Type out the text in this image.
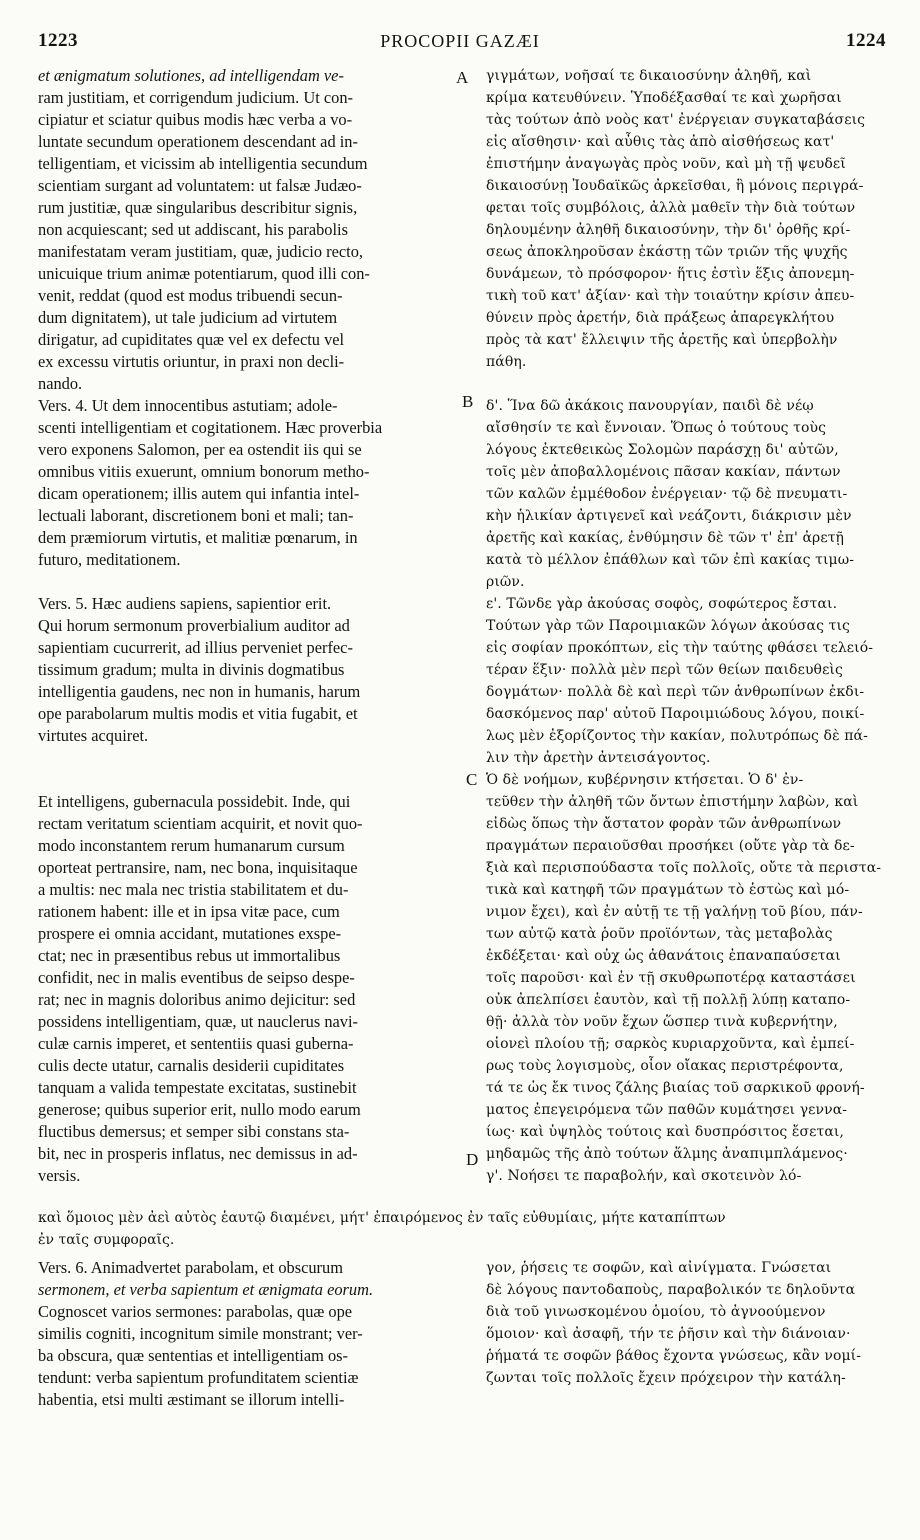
1223	PROCOPII GAZÆI	1224
A
B
C
D
et ænigmatum solutiones, ad intelligendam ve-
ram justitiam, et corrigendum judicium. Ut con-
cipiatur et sciatur quibus modis hæc verba a vo-
luntate secundum operationem descendant ad in-
telligentiam, et vicissim ab intelligentia secundum
scientiam surgant ad voluntatem: ut falsæ Judæo-
rum justitiæ, quæ singularibus describitur signis,
non acquiescant; sed ut addiscant, his parabolis
manifestatam veram justitiam, quæ, judicio recto,
unicuique trium animæ potentiarum, quod illi con-
venit, reddat (quod est modus tribuendi secun-
dum dignitatem), ut tale judicium ad virtutem
dirigatur, ad cupiditates quæ vel ex defectu vel
ex excessu virtutis oriuntur, in praxi non decli-
nando.
Vers. 4. Ut dem innocentibus astutiam; adole-
scenti intelligentiam et cogitationem. Hæc proverbia
vero exponens Salomon, per ea ostendit iis qui se
omnibus vitiis exuerunt, omnium bonorum metho-
dicam operationem; illis autem qui infantia intel-
lectuali laborant, discretionem boni et mali; tan-
dem præmiorum virtutis, et malitiæ pœnarum, in
futuro, meditationem.
Vers. 5. Hæc audiens sapiens, sapientior erit.
Qui horum sermonum proverbialium auditor ad
sapientiam cucurrerit, ad illius perveniet perfec-
tissimum gradum; multa in divinis dogmatibus
intelligentia gaudens, nec non in humanis, harum
ope parabolarum multis modis et vitia fugabit, et
virtutes acquiret.
Et intelligens, gubernacula possidebit. Inde, qui
rectam veritatum scientiam acquirit, et novit quo-
modo inconstantem rerum humanarum cursum
oporteat pertransire, nam, nec bona, inquisitaque
a multis: nec mala nec tristia stabilitatem et du-
rationem habent: ille et in ipsa vitæ pace, cum
prospere ei omnia accidant, mutationes exspe-
ctat; nec in præsentibus rebus ut immortalibus
confidit, nec in malis eventibus de seipso despe-
rat; nec in magnis doloribus animo dejicitur: sed
possidens intelligentiam, quæ, ut nauclerus navi-
culæ carnis imperet, et sententiis quasi guberna-
culis decte utatur, carnalis desiderii cupiditates
tanquam a valida tempestate excitatas, sustinebit
generose; quibus superior erit, nullo modo earum
fluctibus demersus; et semper sibi constans sta-
bit, nec in prosperis inflatus, nec demissus in ad-
versis.
καὶ ὅμοιος μὲν ἀεὶ αὐτὸς ἑαυτῷ διαμένει, μήτ' ἐπαιρόμενος ἐν ταῖς εὐθυμίαις, μήτε καταπίπτων
ἐν ταῖς συμφοραῖς.
Vers. 6. Animadvertet parabolam, et obscurum
sermonem, et verba sapientum et ænigmata eorum.
Cognoscet varios sermones: parabolas, quæ ope
similis cogniti, incognitum simile monstrant; ver-
ba obscura, quæ sententias et intelligentiam os-
tendunt: verba sapientum profunditatem scientiæ
habentia, etsi multi æstimant se illorum intelli-
γιγμάτων, νοῆσαί τε δικαιοσύνην ἀληθῆ, καὶ
κρίμα κατευθύνειν. Ὑποδέξασθαί τε καὶ χωρῆσαι
τὰς τούτων ἀπὸ νοὸς κατ' ἐνέργειαν συγκαταβάσεις
εἰς αἴσθησιν· καὶ αὖθις τὰς ἀπὸ αἰσθήσεως κατ'
ἐπιστήμην ἀναγωγὰς πρὸς νοῦν, καὶ μὴ τῇ ψευδεῖ
δικαιοσύνῃ Ἰουδαϊκῶς ἀρκεῖσθαι, ἣ μόνοις περιγρά-
φεται τοῖς συμβόλοις, ἀλλὰ μαθεῖν τὴν διὰ τούτων
δηλουμένην ἀληθῆ δικαιοσύνην, τὴν δι' ὀρθῆς κρί-
σεως ἀποκληροῦσαν ἑκάστῃ τῶν τριῶν τῆς ψυχῆς
δυνάμεων, τὸ πρόσφορον· ἥτις ἐστὶν ἕξις ἀπονεμη-
τικὴ τοῦ κατ' ἀξίαν· καὶ τὴν τοιαύτην κρίσιν ἀπευ-
θύνειν πρὸς ἀρετήν, διὰ πράξεως ἀπαρεγκλήτου
πρὸς τὰ κατ' ἔλλειψιν τῆς ἀρετῆς καὶ ὑπερβολὴν
πάθη.
δ'. Ἵνα δῶ ἀκάκοις πανουργίαν, παιδὶ δὲ νέῳ
αἴσθησίν τε καὶ ἔννοιαν. Ὅπως ὁ τούτους τοὺς
λόγους ἐκτεθεικὼς Σολομὼν παράσχῃ δι' αὐτῶν,
τοῖς μὲν ἀποβαλλομένοις πᾶσαν κακίαν, πάντων
τῶν καλῶν ἐμμέθοδον ἐνέργειαν· τῷ δὲ πνευματι-
κὴν ἡλικίαν ἀρτιγενεῖ καὶ νεάζοντι, διάκρισιν μὲν
ἀρετῆς καὶ κακίας, ἐνθύμησιν δὲ τῶν τ' ἐπ' ἀρετῇ
κατὰ τὸ μέλλον ἐπάθλων καὶ τῶν ἐπὶ κακίας τιμω-
ριῶν.
ε'. Τῶνδε γὰρ ἀκούσας σοφὸς, σοφώτερος ἔσται.
Τούτων γὰρ τῶν Παροιμιακῶν λόγων ἀκούσας τις
εἰς σοφίαν προκόπτων, εἰς τὴν ταύτης φθάσει τελειό-
τέραν ἕξιν· πολλὰ μὲν περὶ τῶν θείων παιδευθεὶς
δογμάτων· πολλὰ δὲ καὶ περὶ τῶν ἀνθρωπίνων ἐκδι-
δασκόμενος παρ' αὐτοῦ Παροιμιώδους λόγου, ποικί-
λως μὲν ἐξορίζοντος τὴν κακίαν, πολυτρόπως δὲ πά-
λιν τὴν ἀρετὴν ἀντεισάγοντος.
Ὁ δὲ νοήμων, κυβέρνησιν κτήσεται. Ὁ δ' ἐν-
τεῦθεν τὴν ἀληθῆ τῶν ὄντων ἐπιστήμην λαβὼν, καὶ
εἰδὼς ὅπως τὴν ἄστατον φορὰν τῶν ἀνθρωπίνων
πραγμάτων περαιοῦσθαι προσήκει (οὔτε γὰρ τὰ δε-
ξιὰ καὶ περισπούδαστα τοῖς πολλοῖς, οὔτε τὰ περιστα-
τικὰ καὶ κατηφῆ τῶν πραγμάτων τὸ ἑστὼς καὶ μό-
νιμον ἔχει), καὶ ἐν αὐτῇ τε τῇ γαλήνῃ τοῦ βίου, πάν-
των αὐτῷ κατὰ ῥοῦν προϊόντων, τὰς μεταβολὰς
ἐκδέξεται· καὶ οὐχ ὡς ἀθανάτοις ἐπαναπαύσεται
τοῖς παροῦσι· καὶ ἐν τῇ σκυθρωποτέρᾳ καταστάσει
οὐκ ἀπελπίσει ἑαυτὸν, καὶ τῇ πολλῇ λύπῃ καταπο-
θῇ· ἀλλὰ τὸν νοῦν ἔχων ὥσπερ τινὰ κυβερνήτην,
οἱονεὶ πλοίου τῇ; σαρκὸς κυριαρχοῦντα, καὶ ἐμπεί-
ρως τοὺς λογισμοὺς, οἷον οἴακας περιστρέφοντα,
τά τε ὡς ἔκ τινος ζάλης βιαίας τοῦ σαρκικοῦ φρονή-
ματος ἐπεγειρόμενα τῶν παθῶν κυμάτησει γεννα-
ίως· καὶ ὑψηλὸς τούτοις καὶ δυσπρόσιτος ἔσεται,
μηδαμῶς τῆς ἀπὸ τούτων ἅλμης ἀναπιμπλάμενος·
γ'. Νοήσει τε παραβολήν, καὶ σκοτεινὸν λό-
γον, ῥήσεις τε σοφῶν, καὶ αἰνίγματα. Γνώσεται
δὲ λόγους παντοδαποὺς, παραβολικόν τε δηλοῦντα
διὰ τοῦ γινωσκομένου ὁμοίου, τὸ ἀγνοούμενον
ὅμοιον· καὶ ἀσαφῆ, τήν τε ῥῆσιν καὶ τὴν διάνοιαν·
ῥήματά τε σοφῶν βάθος ἔχοντα γνώσεως, κἂν νομί-
ζωνται τοῖς πολλοῖς ἔχειν πρόχειρον τὴν κατάλη-
